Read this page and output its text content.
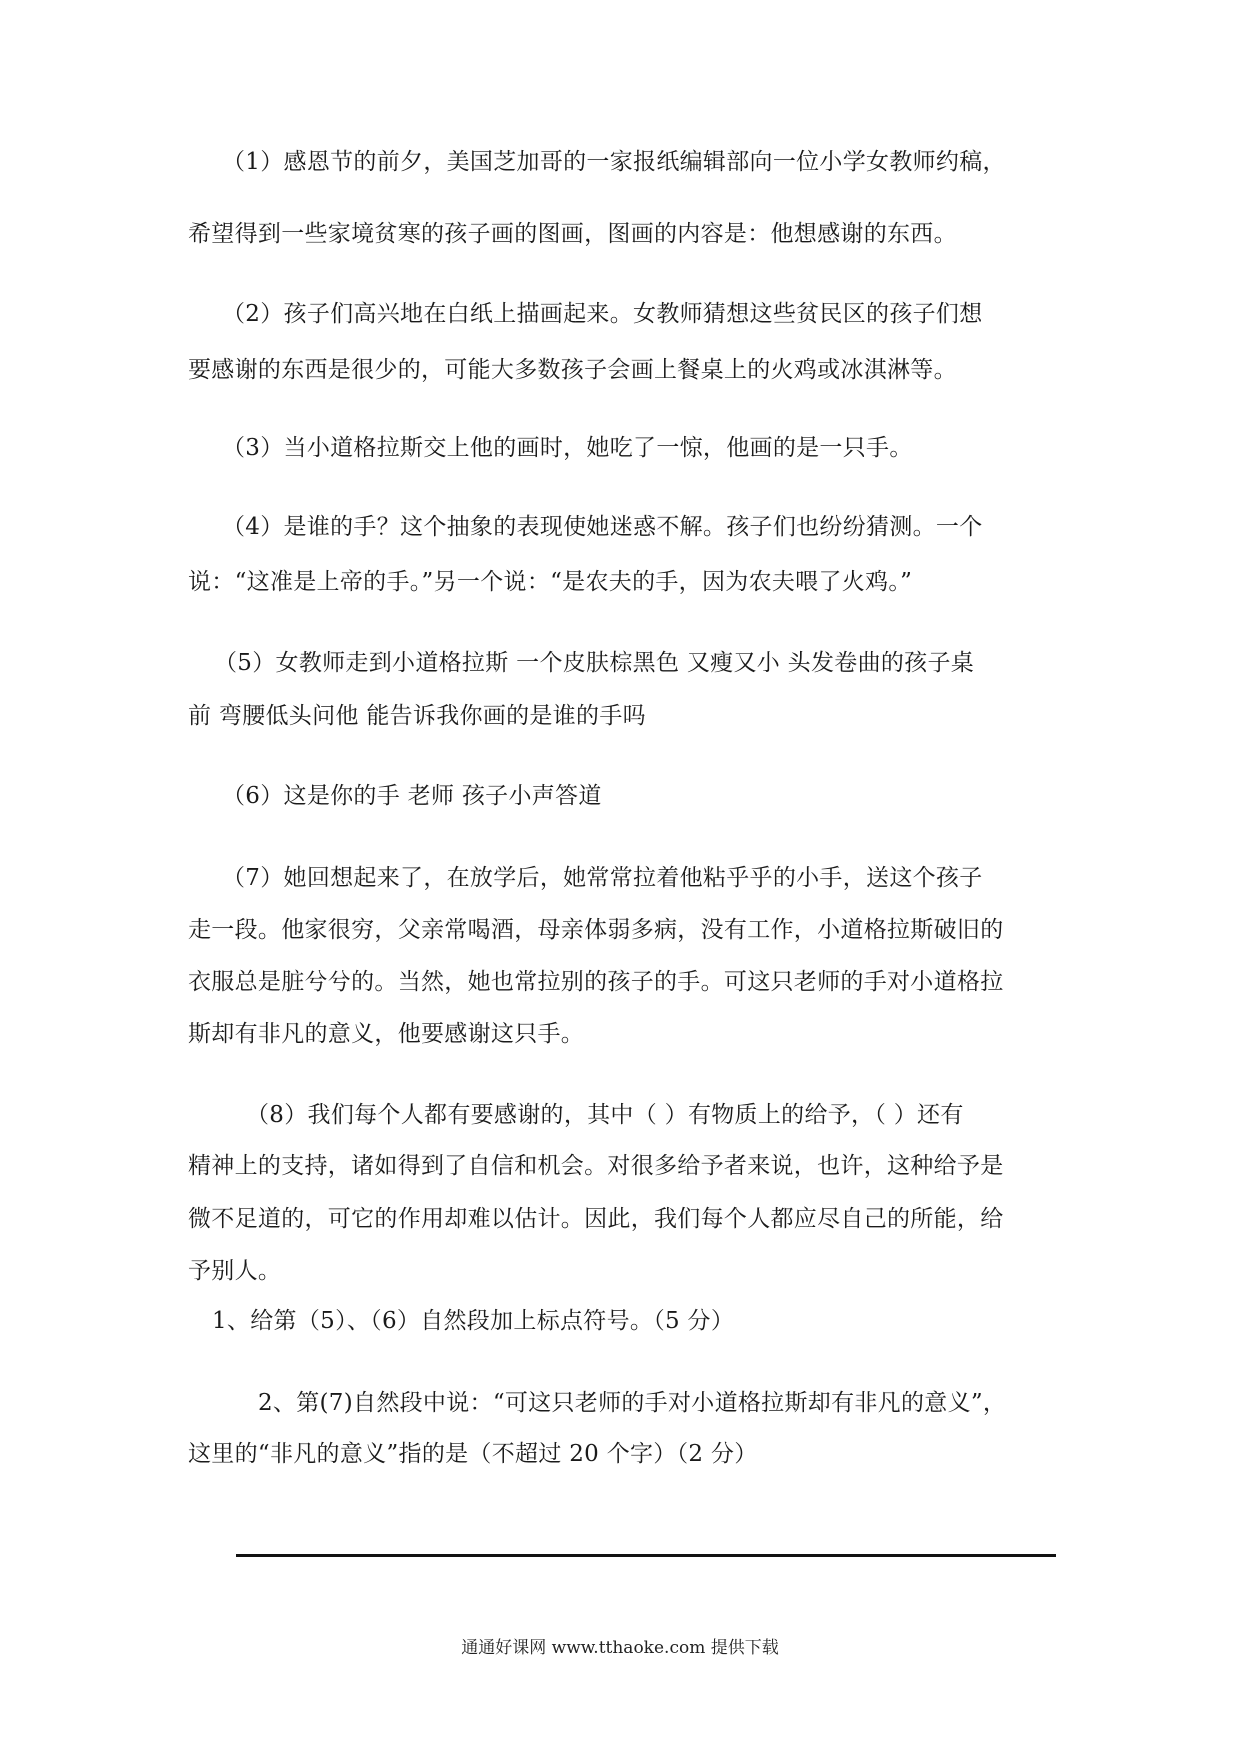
（1）感恩节的前夕，美国芝加哥的一家报纸编辑部向一位小学女教师约稿，
希望得到一些家境贫寒的孩子画的图画，图画的内容是：他想感谢的东西。
（2）孩子们高兴地在白纸上描画起来。女教师猜想这些贫民区的孩子们想
要感谢的东西是很少的，可能大多数孩子会画上餐桌上的火鸡或冰淇淋等。
（3）当小道格拉斯交上他的画时，她吃了一惊，他画的是一只手。
（4）是谁的手？这个抽象的表现使她迷惑不解。孩子们也纷纷猜测。一个
说：“这准是上帝的手。”另一个说：“是农夫的手，因为农夫喂了火鸡。”
（5）女教师走到小道格拉斯 一个皮肤棕黑色 又瘦又小 头发卷曲的孩子桌
前 弯腰低头问他 能告诉我你画的是谁的手吗
（6）这是你的手 老师 孩子小声答道
（7）她回想起来了，在放学后，她常常拉着他粘乎乎的小手，送这个孩子
走一段。他家很穷，父亲常喝酒，母亲体弱多病，没有工作，小道格拉斯破旧的
衣服总是脏兮兮的。当然，她也常拉别的孩子的手。可这只老师的手对小道格拉
斯却有非凡的意义，他要感谢这只手。
（8）我们每个人都有要感谢的，其中（ ）有物质上的给予，（ ）还有
精神上的支持，诸如得到了自信和机会。对很多给予者来说，也许，这种给予是
微不足道的，可它的作用却难以估计。因此，我们每个人都应尽自己的所能，给
予别人。
1、给第（5）、（6）自然段加上标点符号。（5 分）
2、第(7)自然段中说：“可这只老师的手对小道格拉斯却有非凡的意义”，
这里的“非凡的意义”指的是（不超过 20 个字）（2 分）
通通好课网 www.tthaoke.com 提供下载
